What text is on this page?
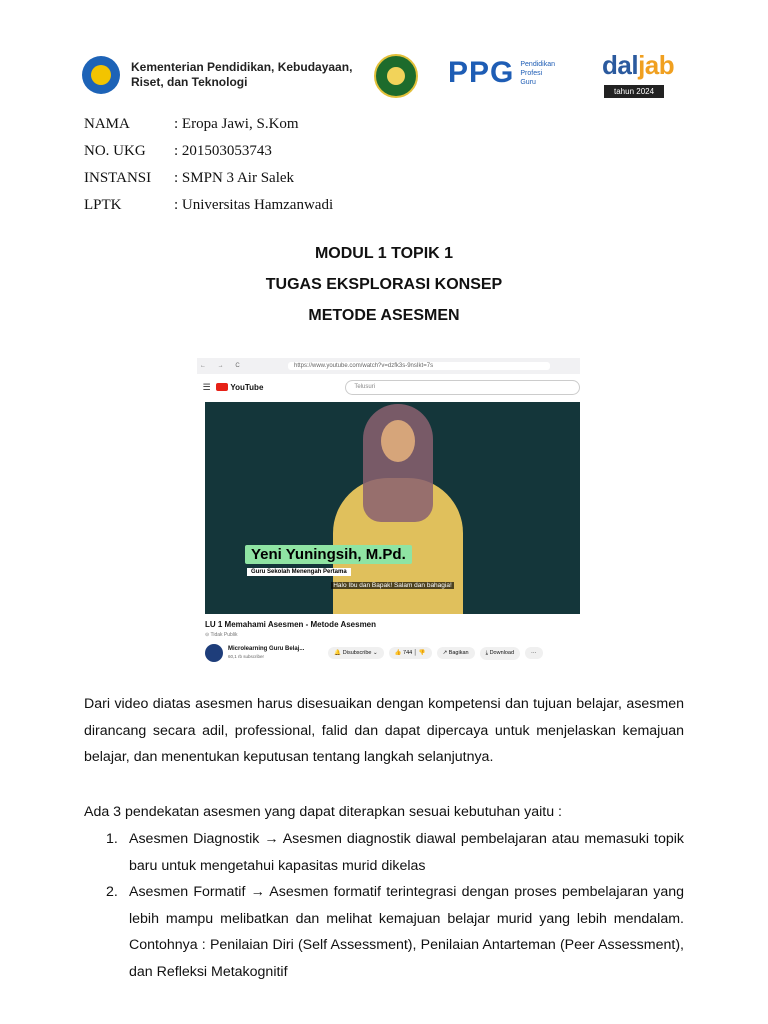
Kementerian Pendidikan, Kebudayaan,
Riset, dan Teknologi	PPG Pendidikan
Profesi
Guru
daljab
tahun 2024
NAMA	: Eropa Jawi, S.Kom
NO. UKG	: 201503053743
INSTANSI	: SMPN 3 Air Salek
LPTK	: Universitas Hamzanwadi
MODUL 1 TOPIK 1
TUGAS EKSPLORASI KONSEP
METODE ASESMEN
← → C	https://www.youtube.com/watch?v=dzfk3s-9nsIkt=7s
☰	YouTube	Telusuri
Yeni Yuningsih, M.Pd.
Guru Sekolah Menengah Pertama
Halo Ibu dan Bapak! Salam dan bahagia!
LU 1 Memahami Asesmen - Metode Asesmen
⊝ Tidak Publik
Microlearning Guru Belaj...
60,1 rb subscriber
🔔 Disubscribe ⌄	👍 744 │ 👎	↗ Bagikan	⤓ Download	···
Dari video diatas asesmen harus disesuaikan dengan kompetensi dan tujuan belajar, asesmen dirancang secara adil, professional, falid dan dapat dipercaya untuk menjelaskan kemajuan belajar, dan menentukan keputusan tentang langkah selanjutnya.
Ada 3 pendekatan asesmen yang dapat diterapkan sesuai kebutuhan yaitu :
1. Asesmen Diagnostik → Asesmen diagnostik diawal pembelajaran atau memasuki topik baru untuk mengetahui kapasitas murid dikelas
2. Asesmen Formatif → Asesmen formatif terintegrasi dengan proses pembelajaran yang lebih mampu melibatkan dan melihat kemajuan belajar murid yang lebih mendalam. Contohnya : Penilaian Diri (Self Assessment), Penilaian Antarteman (Peer Assessment), dan Refleksi Metakognitif
